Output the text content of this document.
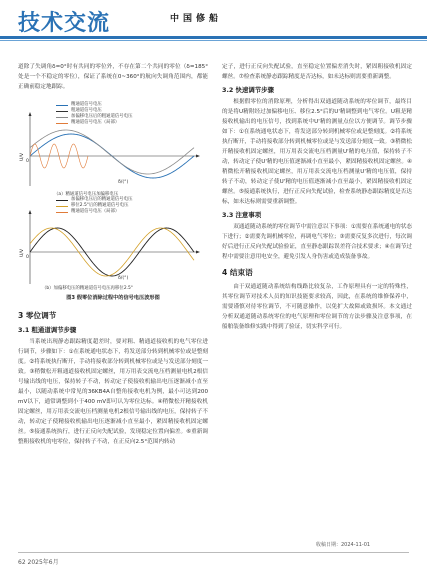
技术交流	中国修船

道除了失调角δ=0°时有共同的零位外，不存在第二个共同的零位（δ=185°处是一个不稳定的零位），保证了系统在0~360°的航向失调角范围内，都能正确前稳定地跟踪。

精通道信号电压
粗通道信号电压
加偏移电压后的粗通道信号电压
精通道信号电压（局部）
U/V
0
δ/(°)
（a）精通道信号电压加偏移电压
加偏移电压后的精通道信号电压
移位2.5°后的精通道信号电压
精通道信号电压（局部）
U/V
0
δ/(°)
（b）加偏移电压的精通道信号电压再移位2.5°
图3 假零位消除过程中的信号电压波形图
3 零位调节
3.1 粗通道调节步骤

当系统出现静态跟踪精度超差时，要对粗、精通道接收机的电气零位进行调节，步骤如下：①在系统通电状态下，将发送部分转到机械零位或是整刻度。②将系统执行断开，手动将接收部分转到机械零位或是与发送部分刻度一致。③稍微松开粗通道接收机固定螺丝，用万用表交流电压档测量电机2根信号输出线的电压，保持转子不动，转动定子使接收机输出电压逐渐减小直至最小，以随动系统中常见的36KB4A自整角接收电机为例，最小可达到200 mV以下，通常调整到小于400 mV即可认为零位达标。④稍微松开精接收机固定螺丝，用万用表交流电压档测量电机2根信号输出线的电压，保持转子不动，转动定子使精接收机输出电压逐渐减小直至最小，紧固精接收机固定螺丝。⑤接通系统执行，进行正反向失配试验，发现稳定位置向偏差。⑥重新调整粗接收机的电零位，保持转子不动，在正反向2.5°范围内转动

定子，进行正反向失配试验，直至稳定位置偏差消失时，紧固粗接收机固定螺丝。⑦检查系统静态跟踪精度是否达标，如未达标则需要重新调整。

3.2 快速调节步骤

根据假零位的消除原理，分析得出双通道随动系统的零位调节，最终目的是将U精附经过加偏移电压、移位2.5°后的U'精调整到电气零位。U粗是精接收机输出的电压信号，找到系统中U'精的测量点位以方便调节。调节步骤如下：①在系统通电状态下，将发送部分转到机械零位或是整刻度。②将系统执行断开，手动将接收部分转到机械零位或是与发送部分刻度一致。③稍微松开精接收机固定螺丝，用万用表交流电压档测量U'精的电压值，保持转子不动，转动定子使U'精的电压值逐渐减小直至最小，紧固精接收机固定螺丝。④稍微松开精接收机固定螺丝，用万用表交流电压档测量U'精的电压值，保持转子不动，转动定子使U'精的电压值逐渐减小直至最小，紧固精接收机固定螺丝。⑤接通系统执行，进行正反向失配试验，检查系统静态跟踪精度是否达标，如未达标则需要重新调整。

3.3 注意事项

双通道随动系统的零位调节中需注意以下事项：①需要在系统通电的状态下进行；②需要先调机械零位，再调电气零位；③需要反复多次进行，每次调好后进行正反向失配试验验证，直至静态跟踪误差符合技术要求；④在调节过程中需要注意用电安全，避免引发人身伤害或造成装备事故。

4 结束语

由于双通道随动系统结构线路比较复杂，工作原理具有一定的特殊性，其零位调节对技术人员的知识技能要求较高，因此，在系统的维修保养中，需要谨慎对待零位调节，不可随意操作，以免扩大故障或致损坏。本文通过分析双通道随动系统零位的电气原理和零位调节的方法步骤及注意事项，在船舶装备维修实践中得到了验证，切实科学可行。

收稿日期：2024-11-01
62 2025年6月
